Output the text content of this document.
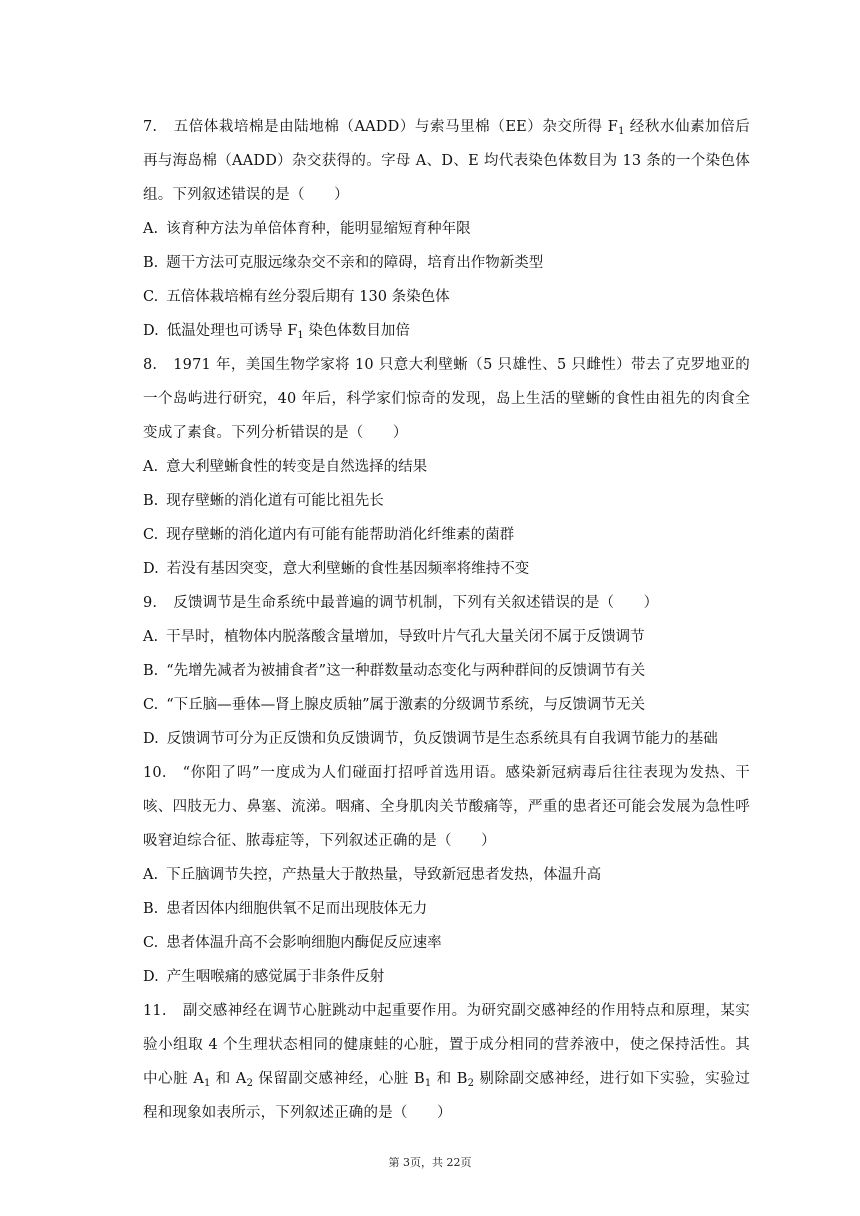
7. 五倍体栽培棉是由陆地棉（AADD）与索马里棉（EE）杂交所得 $F_1$ 经秋水仙素加倍后再与海岛棉（AADD）杂交获得的。字母 A、D、E 均代表染色体数目为 13 条的一个染色体组。下列叙述错误的是（　　）

A. 该育种方法为单倍体育种，能明显缩短育种年限

B. 题干方法可克服远缘杂交不亲和的障碍，培育出作物新类型

C. 五倍体栽培棉有丝分裂后期有 130 条染色体

D. 低温处理也可诱导 $F_1$ 染色体数目加倍

8. 1971 年，美国生物学家将 10 只意大利壁蜥（5 只雄性、5 只雌性）带去了克罗地亚的一个岛屿进行研究，40 年后，科学家们惊奇的发现，岛上生活的壁蜥的食性由祖先的肉食全变成了素食。下列分析错误的是（　　）

A. 意大利壁蜥食性的转变是自然选择的结果

B. 现存壁蜥的消化道有可能比祖先长

C. 现存壁蜥的消化道内有可能有能帮助消化纤维素的菌群

D. 若没有基因突变，意大利壁蜥的食性基因频率将维持不变

9. 反馈调节是生命系统中最普遍的调节机制，下列有关叙述错误的是（　　）

A. 干旱时，植物体内脱落酸含量增加，导致叶片气孔大量关闭不属于反馈调节

B. “先增先减者为被捕食者”这一种群数量动态变化与两种群间的反馈调节有关

C. “下丘脑—垂体—肾上腺皮质轴”属于激素的分级调节系统，与反馈调节无关

D. 反馈调节可分为正反馈和负反馈调节，负反馈调节是生态系统具有自我调节能力的基础

10. “你阳了吗”一度成为人们碰面打招呼首选用语。感染新冠病毒后往往表现为发热、干咳、四肢无力、鼻塞、流涕。咽痛、全身肌肉关节酸痛等，严重的患者还可能会发展为急性呼吸窘迫综合征、脓毒症等，下列叙述正确的是（　　）

A. 下丘脑调节失控，产热量大于散热量，导致新冠患者发热，体温升高

B. 患者因体内细胞供氧不足而出现肢体无力

C. 患者体温升高不会影响细胞内酶促反应速率

D. 产生咽喉痛的感觉属于非条件反射

11. 副交感神经在调节心脏跳动中起重要作用。为研究副交感神经的作用特点和原理，某实验小组取 4 个生理状态相同的健康蛙的心脏，置于成分相同的营养液中，使之保持活性。其中心脏 $A_1$ 和 $A_2$ 保留副交感神经，心脏 $B_1$ 和 $B_2$ 剔除副交感神经，进行如下实验，实验过程和现象如表所示，下列叙述正确的是（　　）

第 3页，共 22页
